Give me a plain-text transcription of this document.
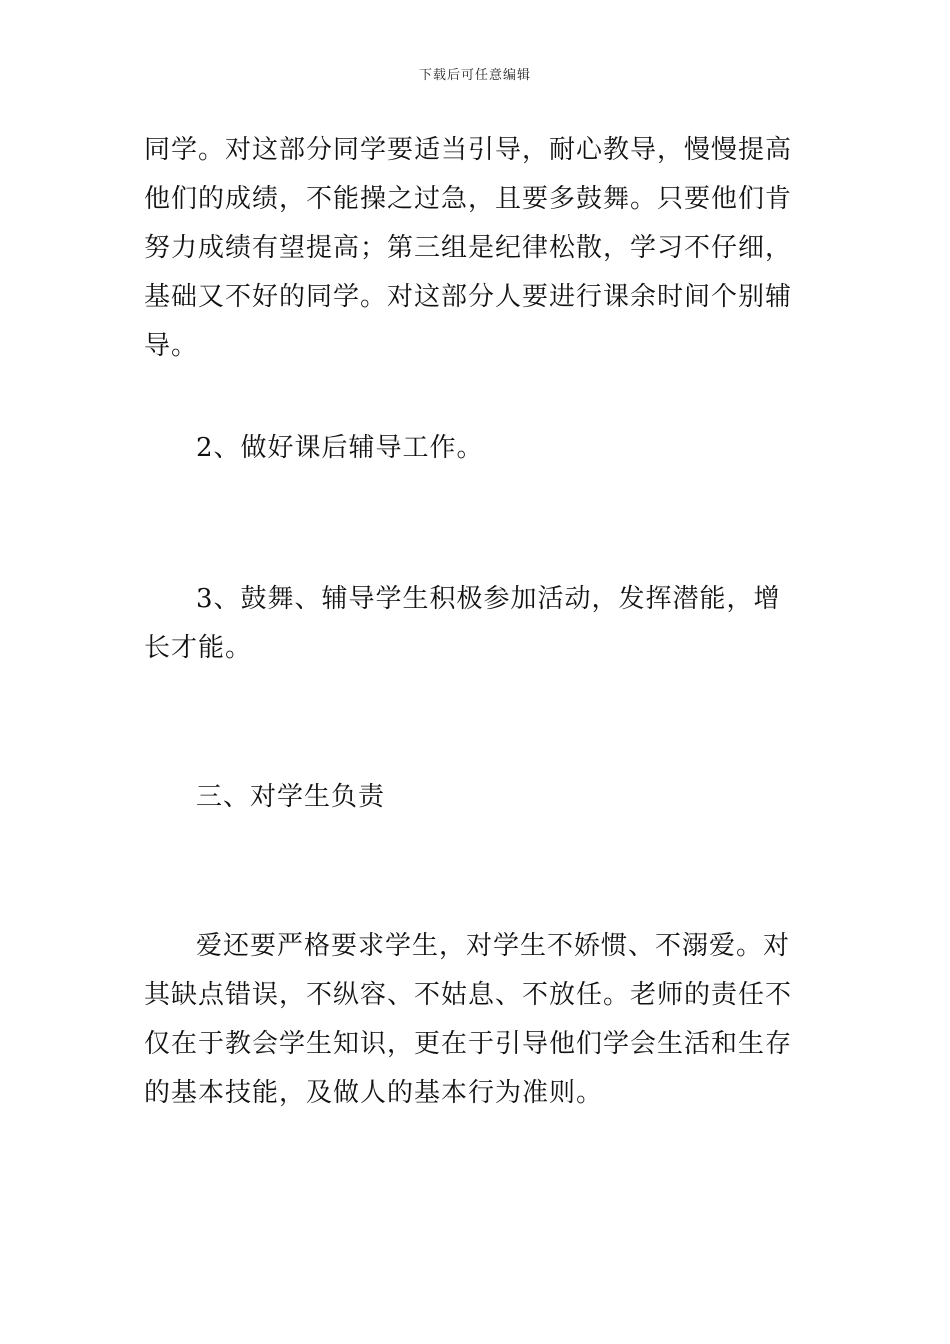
下载后可任意编辑

同学。对这部分同学要适当引导，耐心教导，慢慢提高他们的成绩，不能操之过急，且要多鼓舞。只要他们肯努力成绩有望提高；第三组是纪律松散，学习不仔细，基础又不好的同学。对这部分人要进行课余时间个别辅导。

2、做好课后辅导工作。

3、鼓舞、辅导学生积极参加活动，发挥潜能，增长才能。

三、对学生负责

爱还要严格要求学生，对学生不娇惯、不溺爱。对其缺点错误，不纵容、不姑息、不放任。老师的责任不仅在于教会学生知识，更在于引导他们学会生活和生存的基本技能，及做人的基本行为准则。
